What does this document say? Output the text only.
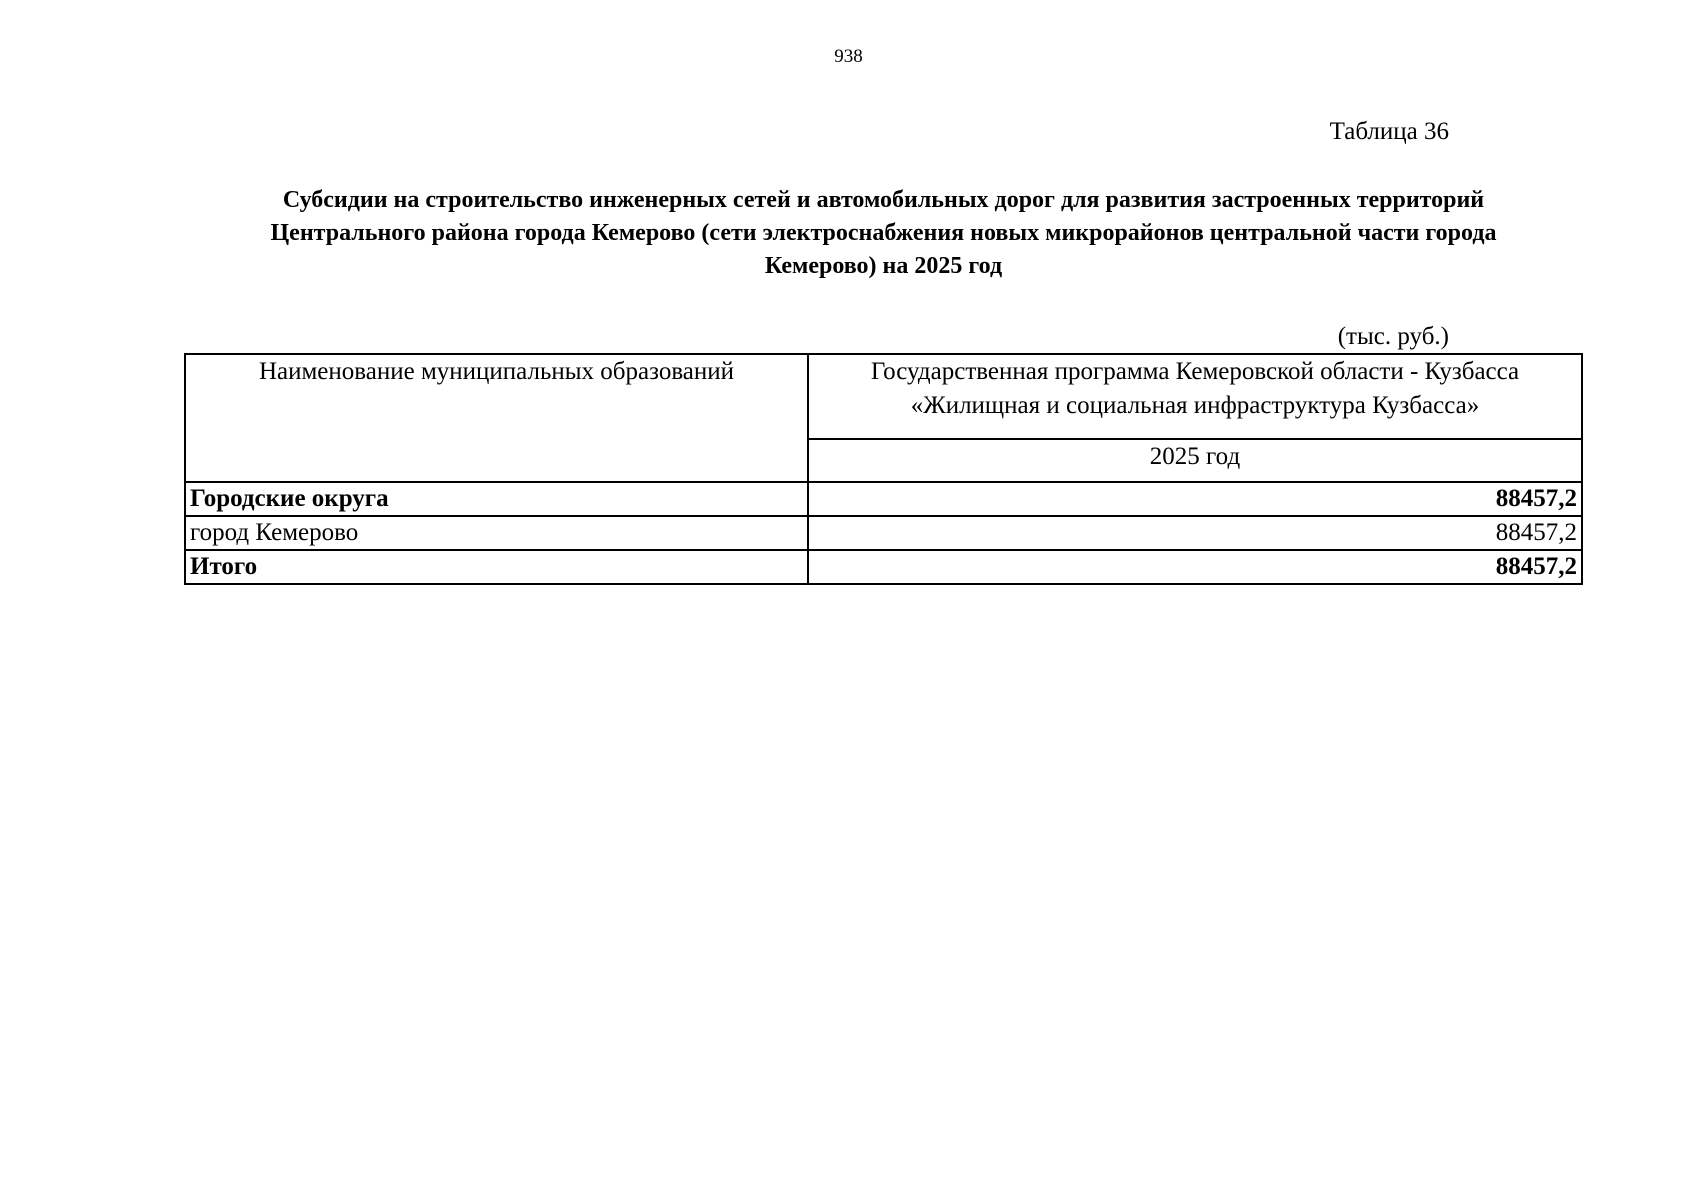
938
Таблица 36
Субсидии на строительство инженерных сетей и автомобильных дорог для развития застроенных территорий
Центрального района города Кемерово (сети электроснабжения новых микрорайонов центральной части города
Кемерово) на 2025 год
(тыс. руб.)
Наименование муниципальных образований	Государственная программа Кемеровской области - Кузбасса
«Жилищная и социальная инфраструктура Кузбасса»

	2025 год
Городские округа	88457,2
город Кемерово	88457,2
Итого	88457,2
